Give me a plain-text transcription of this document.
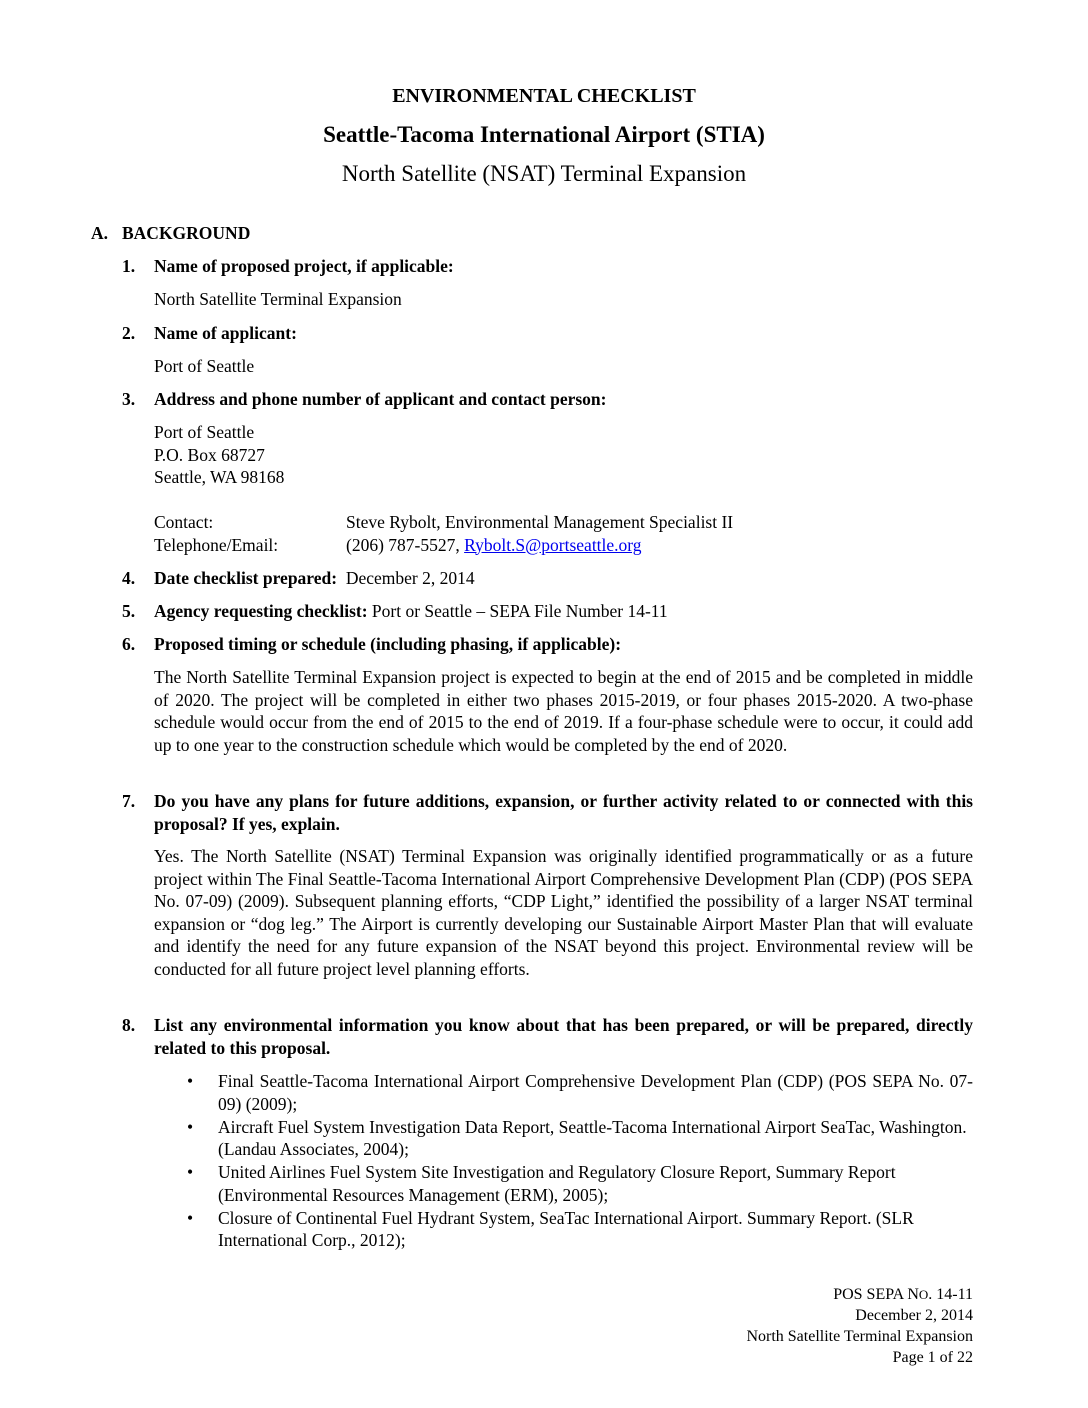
ENVIRONMENTAL CHECKLIST
Seattle-Tacoma International Airport (STIA)
North Satellite (NSAT) Terminal Expansion
A. BACKGROUND
1.	Name of proposed project, if applicable:
North Satellite Terminal Expansion
2.	Name of applicant:
Port of Seattle
3.	Address and phone number of applicant and contact person:
Port of Seattle
P.O. Box 68727
Seattle, WA 98168
Contact:	Steve Rybolt, Environmental Management Specialist II
Telephone/Email:	(206) 787-5527, Rybolt.S@portseattle.org
4.	Date checklist prepared: December 2, 2014
5.	Agency requesting checklist: Port or Seattle – SEPA File Number 14-11
6.	Proposed timing or schedule (including phasing, if applicable):
The North Satellite Terminal Expansion project is expected to begin at the end of 2015 and be completed in middle of 2020. The project will be completed in either two phases 2015-2019, or four phases 2015-2020. A two-phase schedule would occur from the end of 2015 to the end of 2019. If a four-phase schedule were to occur, it could add up to one year to the construction schedule which would be completed by the end of 2020.
7.	Do you have any plans for future additions, expansion, or further activity related to or connected with this proposal? If yes, explain.
Yes. The North Satellite (NSAT) Terminal Expansion was originally identified programmatically or as a future project within The Final Seattle-Tacoma International Airport Comprehensive Development Plan (CDP) (POS SEPA No. 07-09) (2009). Subsequent planning efforts, “CDP Light,” identified the possibility of a larger NSAT terminal expansion or “dog leg.” The Airport is currently developing our Sustainable Airport Master Plan that will evaluate and identify the need for any future expansion of the NSAT beyond this project. Environmental review will be conducted for all future project level planning efforts.
8.	List any environmental information you know about that has been prepared, or will be prepared, directly related to this proposal.
•	Final Seattle-Tacoma International Airport Comprehensive Development Plan (CDP) (POS SEPA No. 07-09) (2009);
•	Aircraft Fuel System Investigation Data Report, Seattle-Tacoma International Airport SeaTac, Washington. (Landau Associates, 2004);
•	United Airlines Fuel System Site Investigation and Regulatory Closure Report, Summary Report (Environmental Resources Management (ERM), 2005);
•	Closure of Continental Fuel Hydrant System, SeaTac International Airport. Summary Report. (SLR International Corp., 2012);
POS SEPA NO. 14-11
December 2, 2014
North Satellite Terminal Expansion
Page 1 of 22
